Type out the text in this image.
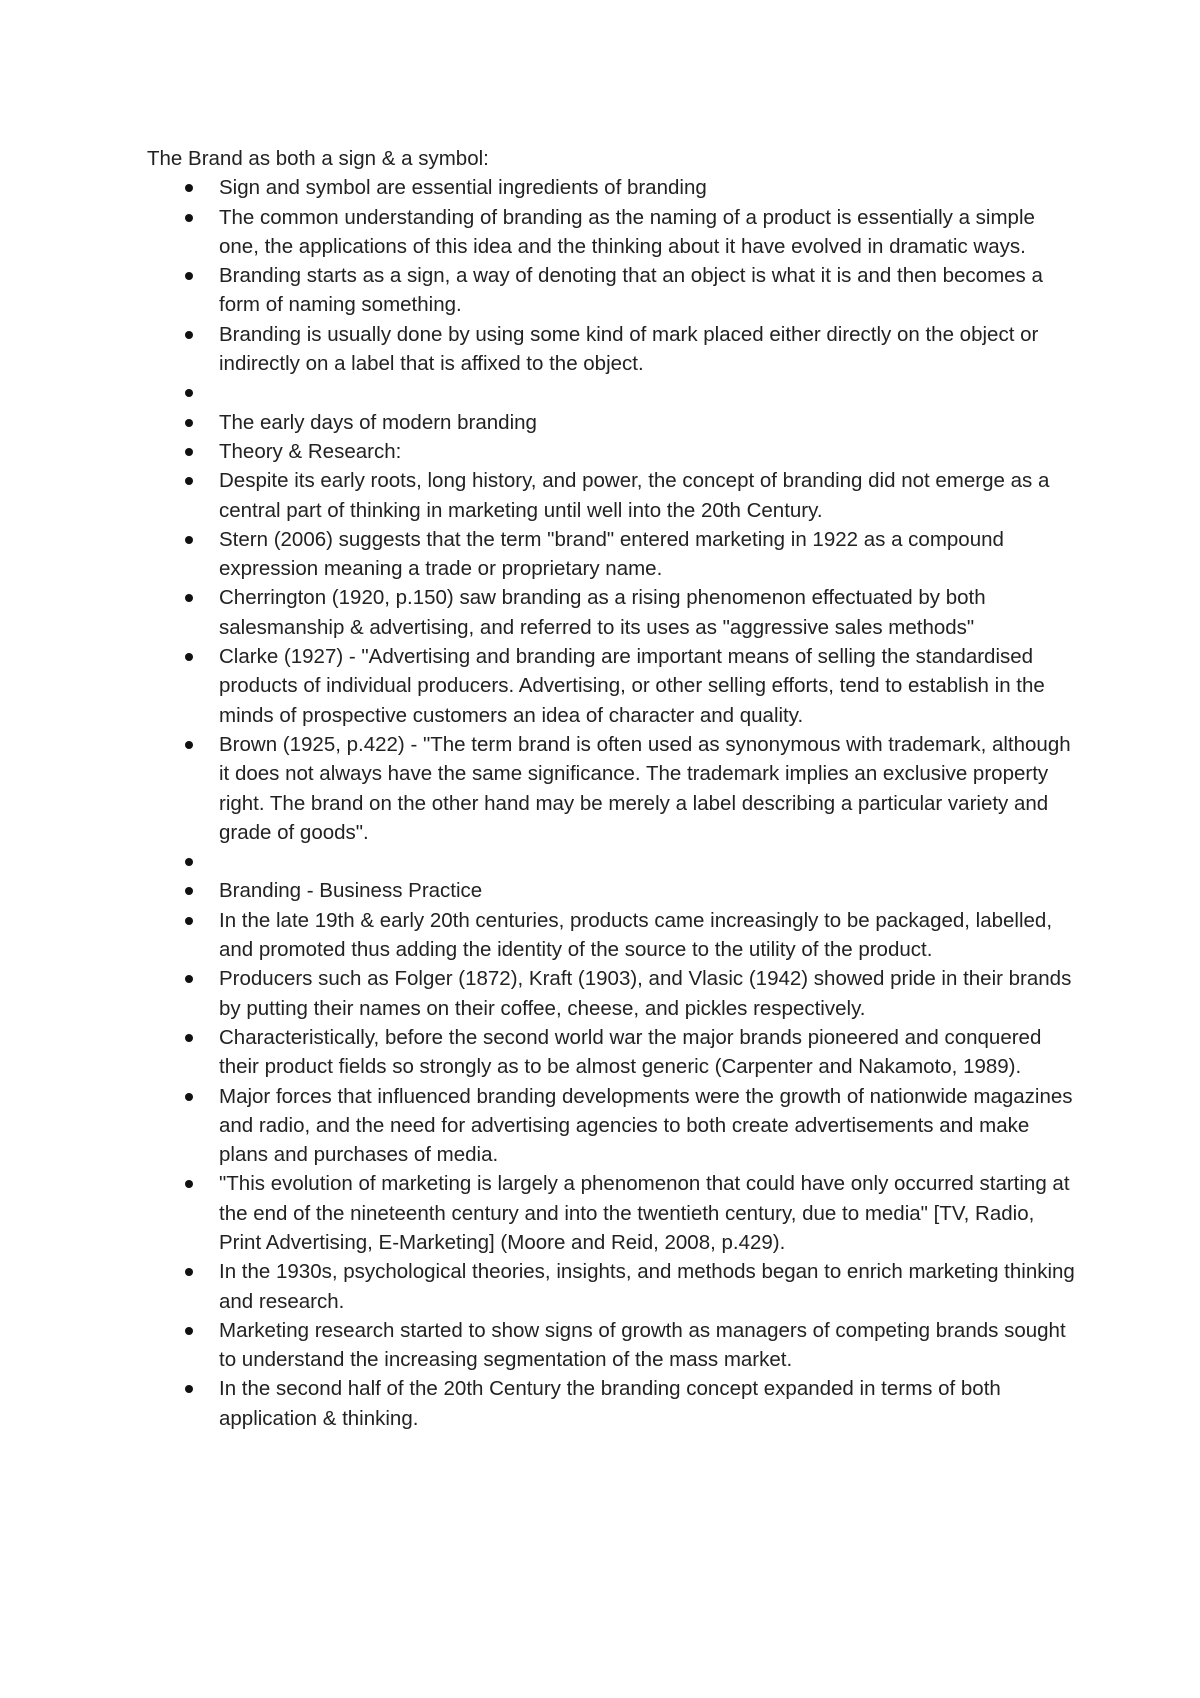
The Brand as both a sign & a symbol:

Sign and symbol are essential ingredients of branding
The common understanding of branding as the naming of a product is essentially a simple one, the applications of this idea and the thinking about it have evolved in dramatic ways.
Branding starts as a sign, a way of denoting that an object is what it is and then becomes a form of naming something.
Branding is usually done by using some kind of mark placed either directly on the object or indirectly on a label that is affixed to the object.
The early days of modern branding
Theory & Research:
Despite its early roots, long history, and power, the concept of branding did not emerge as a central part of thinking in marketing until well into the 20th Century.
Stern (2006) suggests that the term "brand" entered marketing in 1922 as a compound expression meaning a trade or proprietary name.
Cherrington (1920, p.150) saw branding as a rising phenomenon effectuated by both salesmanship & advertising, and referred to its uses as "aggressive sales methods"
Clarke (1927) - "Advertising and branding are important means of selling the standardised products of individual producers. Advertising, or other selling efforts, tend to establish in the minds of prospective customers an idea of character and quality.
Brown (1925, p.422) - "The term brand is often used as synonymous with trademark, although it does not always have the same significance. The trademark implies an exclusive property right. The brand on the other hand may be merely a label describing a particular variety and grade of goods".
Branding - Business Practice
In the late 19th & early 20th centuries, products came increasingly to be packaged, labelled, and promoted thus adding the identity of the source to the utility of the product.
Producers such as Folger (1872), Kraft (1903), and Vlasic (1942) showed pride in their brands by putting their names on their coffee, cheese, and pickles respectively.
Characteristically, before the second world war the major brands pioneered and conquered their product fields so strongly as to be almost generic (Carpenter and Nakamoto, 1989).
Major forces that influenced branding developments were the growth of nationwide magazines and radio, and the need for advertising agencies to both create advertisements and make plans and purchases of media.
"This evolution of marketing is largely a phenomenon that could have only occurred starting at the end of the nineteenth century and into the twentieth century, due to media" [TV, Radio, Print Advertising, E-Marketing] (Moore and Reid, 2008, p.429).
In the 1930s, psychological theories, insights, and methods began to enrich marketing thinking and research.
Marketing research started to show signs of growth as managers of competing brands sought to understand the increasing segmentation of the mass market.
In the second half of the 20th Century the branding concept expanded in terms of both application & thinking.
